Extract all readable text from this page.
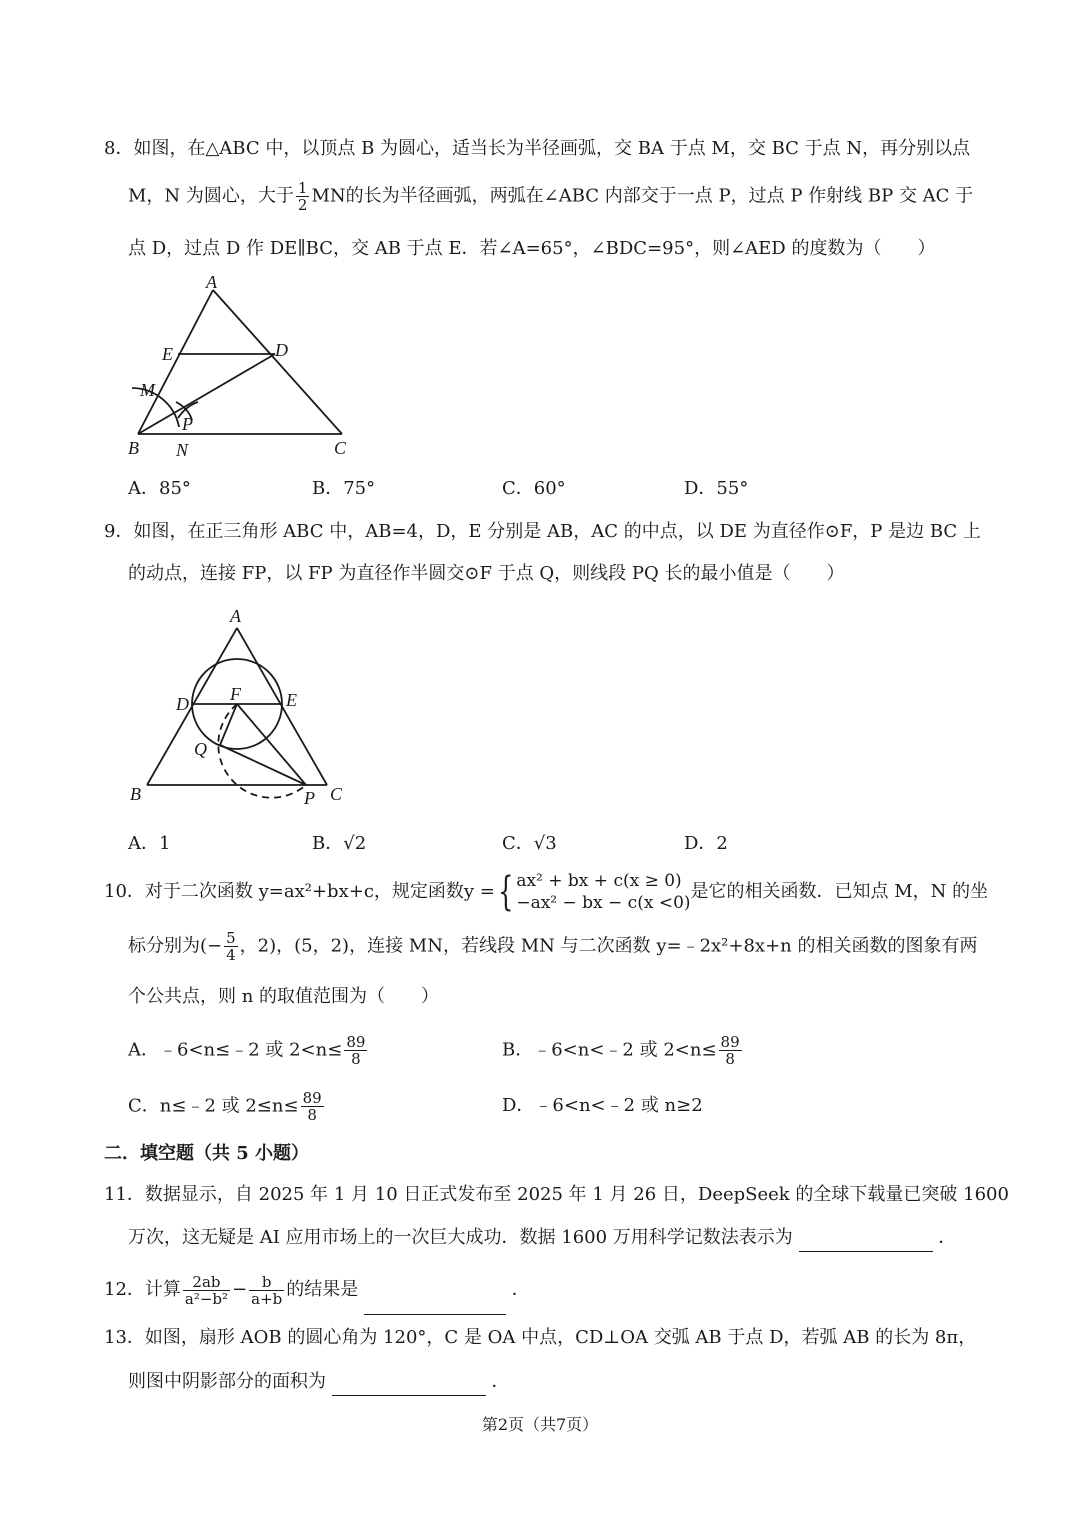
8．如图，在△ABC 中，以顶点 B 为圆心，适当长为半径画弧，交 BA 于点 M，交 BC 于点 N，再分别以点
M，N 为圆心，大于 $\frac{1}{2}$ MN的长为半径画弧，两弧在∠ABC 内部交于一点 P，过点 P 作射线 BP 交 AC 于
点 D，过点 D 作 DE∥BC，交 AB 于点 E．若∠A=65°，∠BDC=95°，则∠AED 的度数为（　　）
A
E	D
M
P
B N	C
A．85°	B．75°	C．60°	D．55°
9．如图，在正三角形 ABC 中，AB=4，D，E 分别是 AB，AC 的中点，以 DE 为直径作⊙F，P 是边 BC 上
的动点，连接 FP，以 FP 为直径作半圆交⊙F 于点 Q，则线段 PQ 长的最小值是（　　）
A
D F	E
Q
B	P C
A．1	B．√2	C．√3	D．2
10．对于二次函数 y=ax²+bx+c，规定函数y ={ ax² + bx + c(x ≥ 0)
−ax² − bx − c(x <0)
是它的相关函数．已知点 M，N 的坐
标分别为(− $\frac{5}{4}$ ，2)，(5，2)，连接 MN，若线段 MN 与二次函数 y=﹣2x²+8x+n 的相关函数的图象有两
个公共点，则 n 的取值范围为（　　）
A．﹣6<n≤﹣2 或 $2<n\le \frac{89}{8}$	B．﹣6<n<﹣2 或 $2<n\le \frac{89}{8}$
C．n≤﹣2 或 $2\le n\le \frac{89}{8}$	D．﹣6<n<﹣2 或 n≥2
二．填空题（共 5 小题）
11．数据显示，自 2025 年 1 月 10 日正式发布至 2025 年 1 月 26 日，DeepSeek 的全球下载量已突破 1600
万次，这无疑是 AI 应用市场上的一次巨大成功．数据 1600 万用科学记数法表示为	．
12．计算 $\frac{2ab}{\text{a²−b²}} - \frac{b}{a+b}$ 的结果是	．
13．如图，扇形 AOB 的圆心角为 120°，C 是 OA 中点，CD⊥OA 交弧 AB 于点 D，若弧 AB 的长为 8π，
则图中阴影部分的面积为	．
第2页（共7页）
